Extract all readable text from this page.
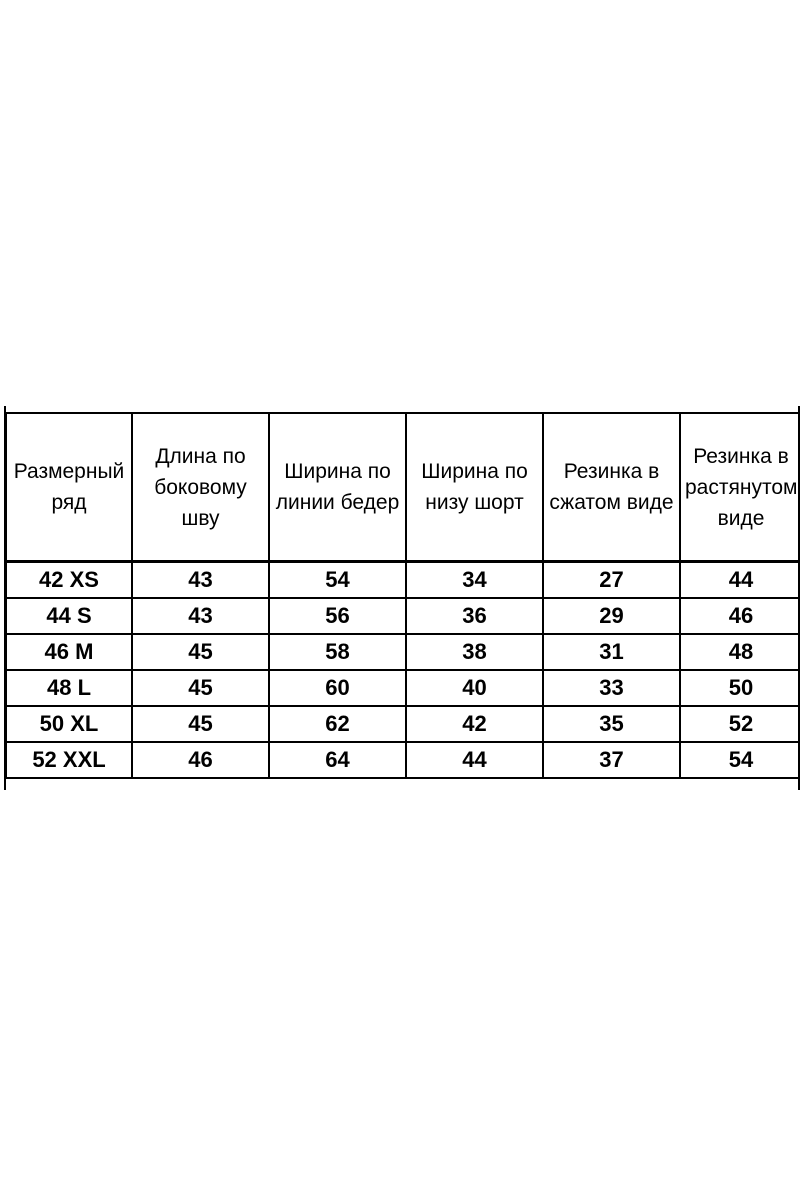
Размерный ряд	Длина по боковому шву	Ширина по линии бедер	Ширина по низу шорт	Резинка в сжатом виде	Резинка в растянутом виде
42 XS	43	54	34	27	44
44 S	43	56	36	29	46
46 M	45	58	38	31	48
48 L	45	60	40	33	50
50 XL	45	62	42	35	52
52 XXL	46	64	44	37	54
